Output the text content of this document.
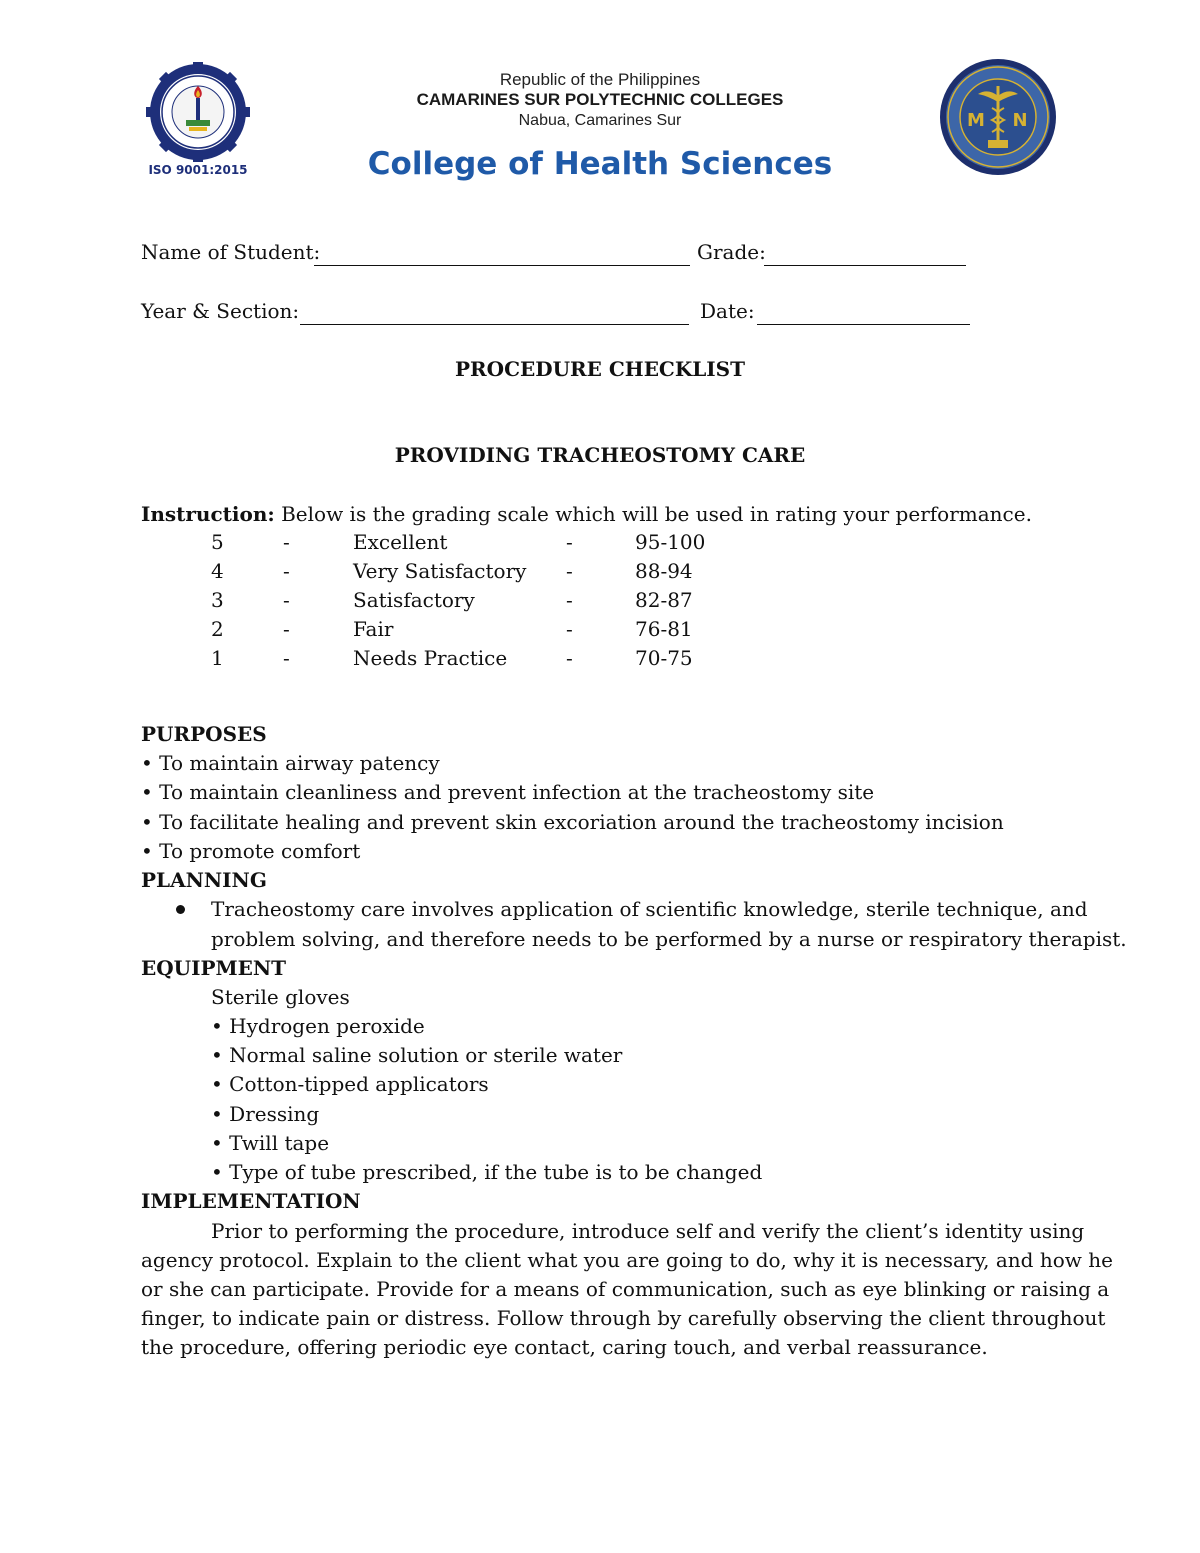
ISO 9001:2015
M N
Republic of the Philippines
CAMARINES SUR POLYTECHNIC COLLEGES
Nabua, Camarines Sur
College of Health Sciences
Name of Student:	Grade:
Year & Section:	Date:
PROCEDURE CHECKLIST
PROVIDING TRACHEOSTOMY CARE
Instruction: Below is the grading scale which will be used in rating your performance.
5	-	Excellent	-	95-100
4	-	Very Satisfactory -	88-94
3	-	Satisfactory	-	82-87
2	-	Fair	-	76-81
1	-	Needs Practice	-	70-75
PURPOSES
• To maintain airway patency
• To maintain cleanliness and prevent infection at the tracheostomy site
• To facilitate healing and prevent skin excoriation around the tracheostomy incision
• To promote comfort
PLANNING
Tracheostomy care involves application of scientific knowledge, sterile technique, and
problem solving, and therefore needs to be performed by a nurse or respiratory therapist.
EQUIPMENT
Sterile gloves
• Hydrogen peroxide
• Normal saline solution or sterile water
• Cotton-tipped applicators
• Dressing
• Twill tape
• Type of tube prescribed, if the tube is to be changed
IMPLEMENTATION
Prior to performing the procedure, introduce self and verify the client’s identity using
agency protocol. Explain to the client what you are going to do, why it is necessary, and how he
or she can participate. Provide for a means of communication, such as eye blinking or raising a
finger, to indicate pain or distress. Follow through by carefully observing the client throughout
the procedure, offering periodic eye contact, caring touch, and verbal reassurance.
